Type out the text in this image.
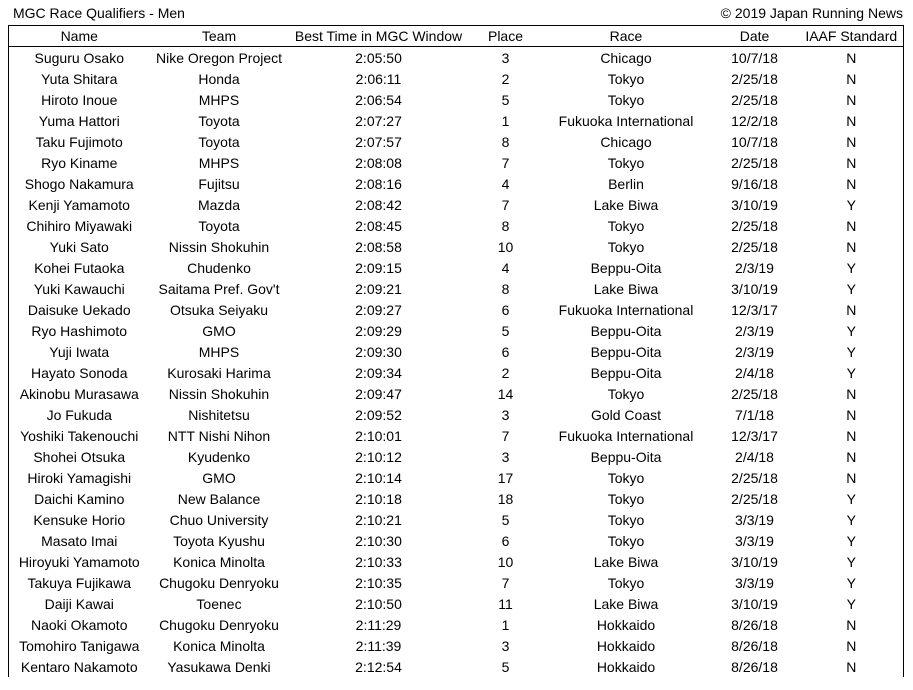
MGC Race Qualifiers - Men	© 2019 Japan Running News
Name	Team	Best Time in MGC Window	Place	Race	Date	IAAF Standard
Suguru Osako	Nike Oregon Project	2:05:50	3	Chicago	10/7/18	N
Yuta Shitara	Honda	2:06:11	2	Tokyo	2/25/18	N
Hiroto Inoue	MHPS	2:06:54	5	Tokyo	2/25/18	N
Yuma Hattori	Toyota	2:07:27	1	Fukuoka International	12/2/18	N
Taku Fujimoto	Toyota	2:07:57	8	Chicago	10/7/18	N
Ryo Kiname	MHPS	2:08:08	7	Tokyo	2/25/18	N
Shogo Nakamura	Fujitsu	2:08:16	4	Berlin	9/16/18	N
Kenji Yamamoto	Mazda	2:08:42	7	Lake Biwa	3/10/19	Y
Chihiro Miyawaki	Toyota	2:08:45	8	Tokyo	2/25/18	N
Yuki Sato	Nissin Shokuhin	2:08:58	10	Tokyo	2/25/18	N
Kohei Futaoka	Chudenko	2:09:15	4	Beppu-Oita	2/3/19	Y
Yuki Kawauchi	Saitama Pref. Gov't	2:09:21	8	Lake Biwa	3/10/19	Y
Daisuke Uekado	Otsuka Seiyaku	2:09:27	6	Fukuoka International	12/3/17	N
Ryo Hashimoto	GMO	2:09:29	5	Beppu-Oita	2/3/19	Y
Yuji Iwata	MHPS	2:09:30	6	Beppu-Oita	2/3/19	Y
Hayato Sonoda	Kurosaki Harima	2:09:34	2	Beppu-Oita	2/4/18	Y
Akinobu Murasawa	Nissin Shokuhin	2:09:47	14	Tokyo	2/25/18	N
Jo Fukuda	Nishitetsu	2:09:52	3	Gold Coast	7/1/18	N
Yoshiki Takenouchi	NTT Nishi Nihon	2:10:01	7	Fukuoka International	12/3/17	N
Shohei Otsuka	Kyudenko	2:10:12	3	Beppu-Oita	2/4/18	N
Hiroki Yamagishi	GMO	2:10:14	17	Tokyo	2/25/18	N
Daichi Kamino	New Balance	2:10:18	18	Tokyo	2/25/18	Y
Kensuke Horio	Chuo University	2:10:21	5	Tokyo	3/3/19	Y
Masato Imai	Toyota Kyushu	2:10:30	6	Tokyo	3/3/19	Y
Hiroyuki Yamamoto	Konica Minolta	2:10:33	10	Lake Biwa	3/10/19	Y
Takuya Fujikawa	Chugoku Denryoku	2:10:35	7	Tokyo	3/3/19	Y
Daiji Kawai	Toenec	2:10:50	11	Lake Biwa	3/10/19	Y
Naoki Okamoto	Chugoku Denryoku	2:11:29	1	Hokkaido	8/26/18	N
Tomohiro Tanigawa	Konica Minolta	2:11:39	3	Hokkaido	8/26/18	N
Kentaro Nakamoto	Yasukawa Denki	2:12:54	5	Hokkaido	8/26/18	N
